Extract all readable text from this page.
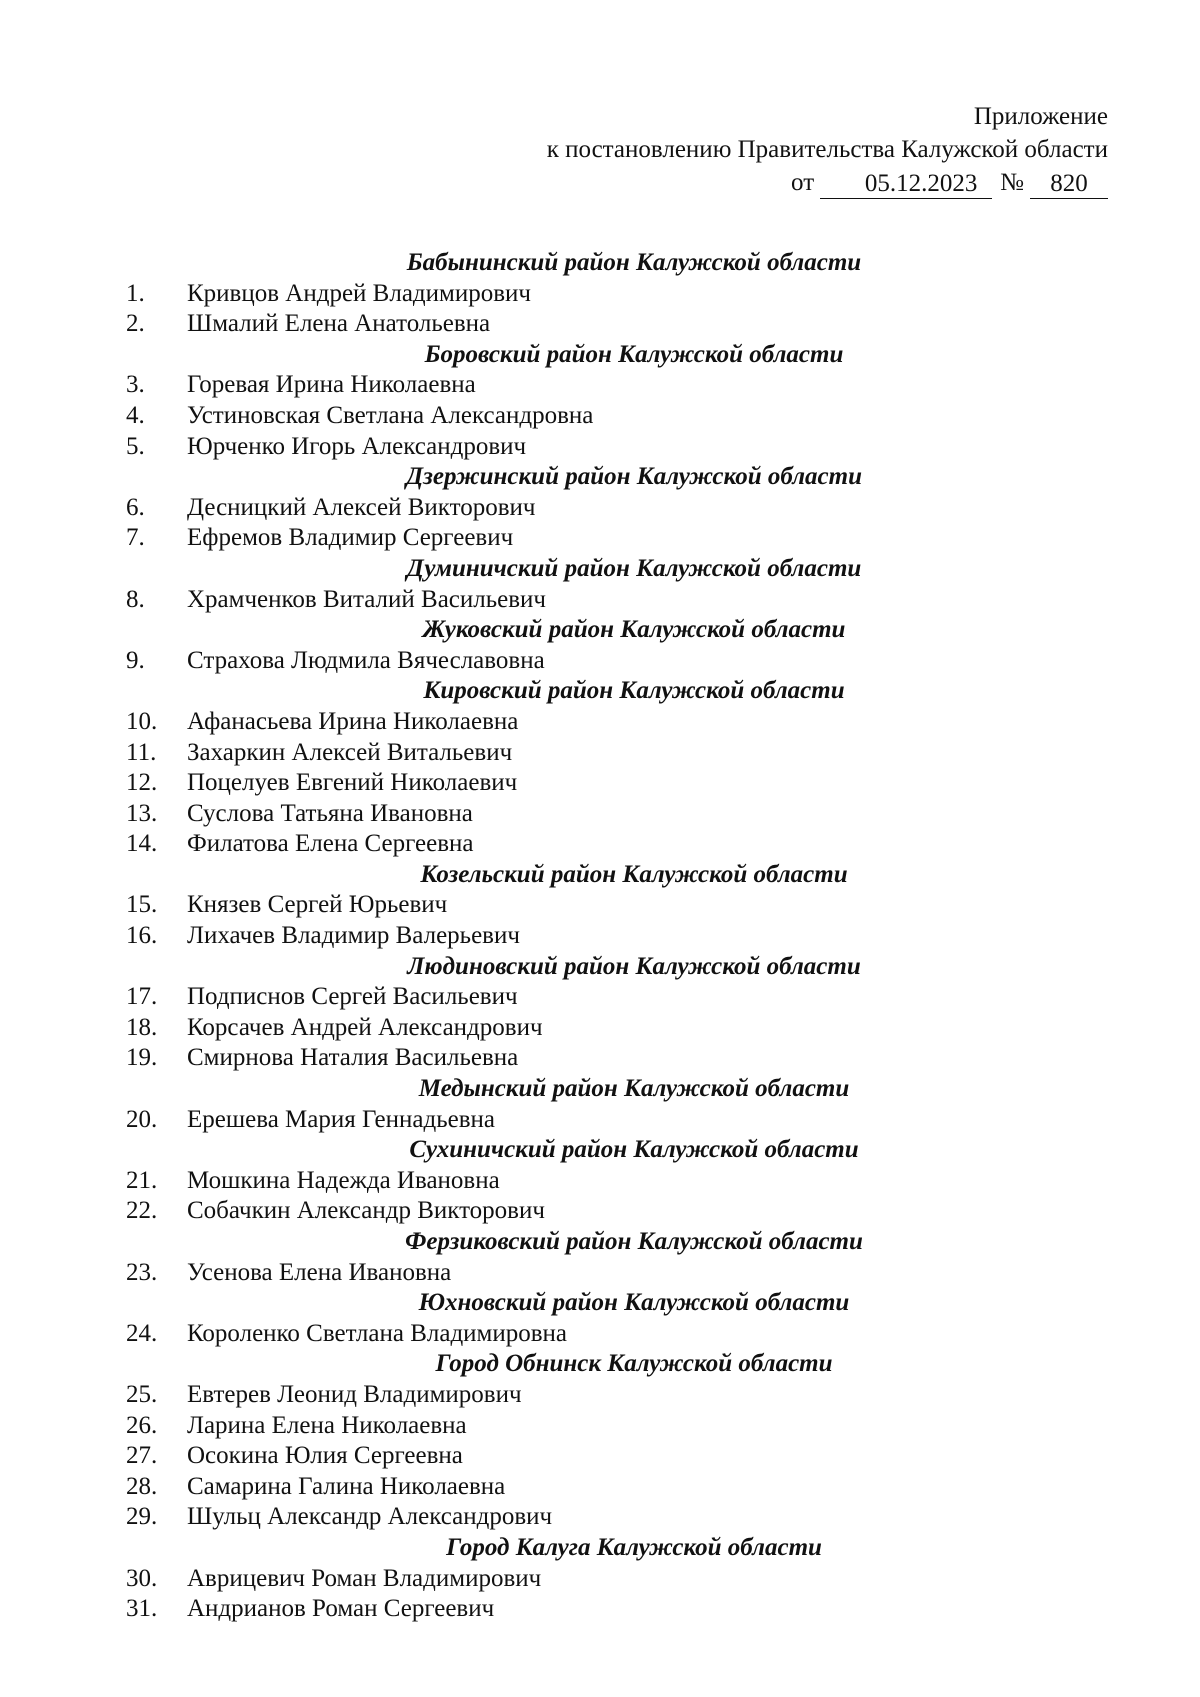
Приложение
к постановлению Правительства Калужской области
от	05.12.2023 №	820
Бабынинский район Калужской области
1. Кривцов Андрей Владимирович
2. Шмалий Елена Анатольевна
Боровский район Калужской области
3. Горевая Ирина Николаевна
4. Устиновская Светлана Александровна
5. Юрченко Игорь Александрович
Дзержинский район Калужской области
6. Десницкий Алексей Викторович
7. Ефремов Владимир Сергеевич
Думиничский район Калужской области
8. Храмченков Виталий Васильевич
Жуковский район Калужской области
9. Страхова Людмила Вячеславовна
Кировский район Калужской области
10. Афанасьева Ирина Николаевна
11. Захаркин Алексей Витальевич
12. Поцелуев Евгений Николаевич
13. Суслова Татьяна Ивановна
14. Филатова Елена Сергеевна
Козельский район Калужской области
15. Князев Сергей Юрьевич
16. Лихачев Владимир Валерьевич
Людиновский район Калужской области
17. Подписнов Сергей Васильевич
18. Корсачев Андрей Александрович
19. Смирнова Наталия Васильевна
Медынский район Калужской области
20. Ерешева Мария Геннадьевна
Сухиничский район Калужской области
21. Мошкина Надежда Ивановна
22. Собачкин Александр Викторович
Ферзиковский район Калужской области
23. Усенова Елена Ивановна
Юхновский район Калужской области
24. Короленко Светлана Владимировна
Город Обнинск Калужской области
25. Евтерев Леонид Владимирович
26. Ларина Елена Николаевна
27. Осокина Юлия Сергеевна
28. Самарина Галина Николаевна
29. Шульц Александр Александрович
Город Калуга Калужской области
30. Аврицевич Роман Владимирович
31. Андрианов Роман Сергеевич
